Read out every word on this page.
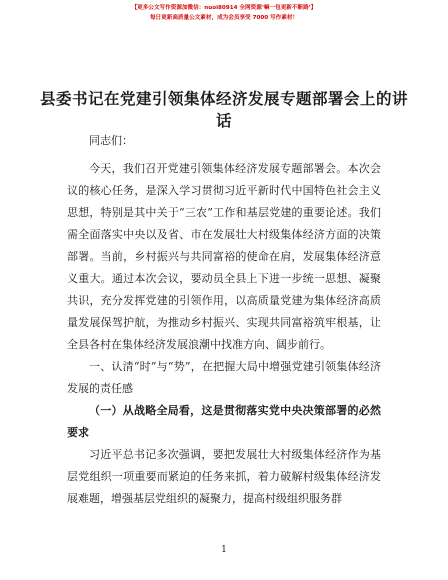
【更多公文写作资源加微信：nuoi80914 全网资源‘嘛一包更新不断路’】
每日更新高质量公文素材，成为会员享受 7000 写作素材！
县委书记在党建引领集体经济发展专题部署会上的讲话

同志们：

今天，我们召开党建引领集体经济发展专题部署会。本次会议的核心任务，是深入学习贯彻习近平新时代中国特色社会主义思想，特别是其中关于“三农”工作和基层党建的重要论述。我们需全面落实中央以及省、市在发展壮大村级集体经济方面的决策部署。当前，乡村振兴与共同富裕的使命在肩，发展集体经济意义重大。通过本次会议，要动员全县上下进一步统一思想、凝聚共识，充分发挥党建的引领作用，以高质量党建为集体经济高质量发展保驾护航，为推动乡村振兴、实现共同富裕筑牢根基，让全县各村在集体经济发展浪潮中找准方向、阔步前行。

一、认清“时”与“势”，在把握大局中增强党建引领集体经济发展的责任感

（一）从战略全局看，这是贯彻落实党中央决策部署的必然要求

习近平总书记多次强调，要把发展壮大村级集体经济作为基层党组织一项重要而紧迫的任务来抓，着力破解村级集体经济发展难题，增强基层党组织的凝聚力，提高村级组织服务群

1
